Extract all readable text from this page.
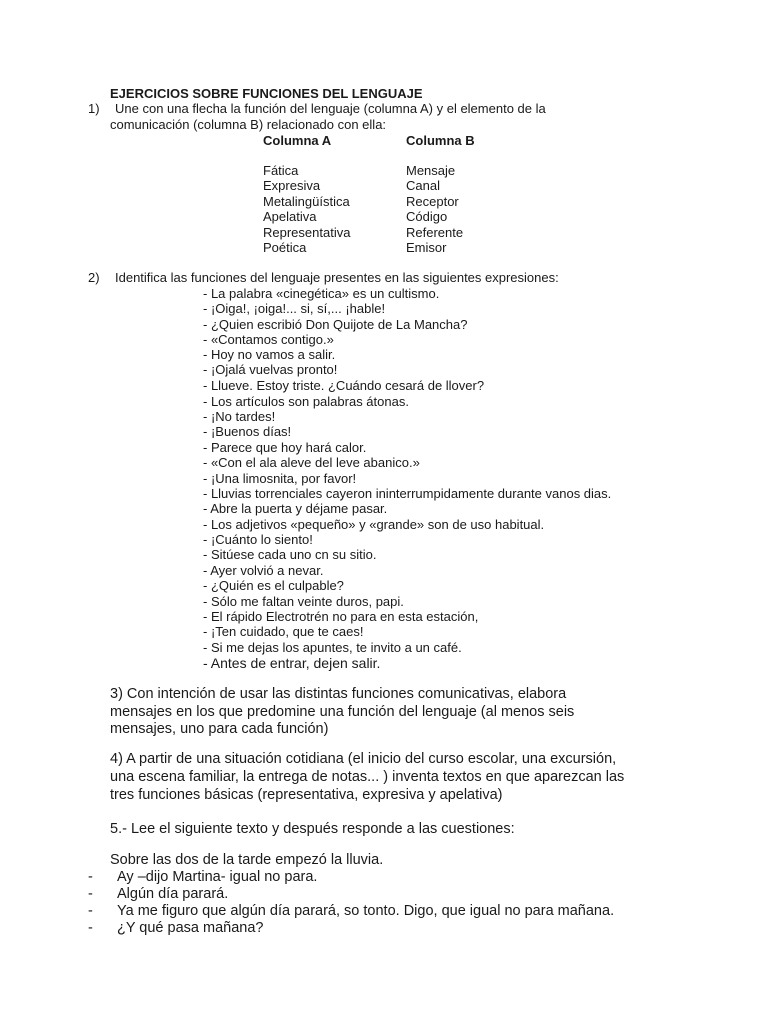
EJERCICIOS SOBRE FUNCIONES DEL LENGUAJE
1) Une con una flecha la función del lenguaje (columna A) y el elemento de la
comunicación (columna B) relacionado con ella:
Columna A	Columna B
Fática	Mensaje
Expresiva	Canal
Metalingüística	Receptor
Apelativa	Código
Representativa	Referente
Poética	Emisor
2) Identifica las funciones del lenguaje presentes en las siguientes expresiones:
- La palabra «cinegética» es un cultismo.
- ¡Oiga!, ¡oiga!... si, sí,... ¡hable!
- ¿Quien escribió Don Quijote de La Mancha?
- «Contamos contigo.»
- Hoy no vamos a salir.
- ¡Ojalá vuelvas pronto!
- Llueve. Estoy triste. ¿Cuándo cesará de llover?
- Los artículos son palabras átonas.
- ¡No tardes!
- ¡Buenos días!
- Parece que hoy hará calor.
- «Con el ala aleve del leve abanico.»
- ¡Una limosnita, por favor!
- Lluvias torrenciales cayeron ininterrumpidamente durante vanos dias.
- Abre la puerta y déjame pasar.
- Los adjetivos «pequeño» y «grande» son de uso habitual.
- ¡Cuánto lo siento!
- Sitúese cada uno cn su sitio.
- Ayer volvió a nevar.
- ¿Quién es el culpable?
- Sólo me faltan veinte duros, papi.
- El rápido Electrotrén no para en esta estación,
- ¡Ten cuidado, que te caes!
- Si me dejas los apuntes, te invito a un café.
- Antes de entrar, dejen salir.
3) Con intención de usar las distintas funciones comunicativas, elabora
mensajes en los que predomine una función del lenguaje (al menos seis
mensajes, uno para cada función)
4) A partir de una situación cotidiana (el inicio del curso escolar, una excursión,
una escena familiar, la entrega de notas... ) inventa textos en que aparezcan las
tres funciones básicas (representativa, expresiva y apelativa)
5.- Lee el siguiente texto y después responde a las cuestiones:
Sobre las dos de la tarde empezó la lluvia.
- Ay –dijo Martina- igual no para.
- Algún día parará.
- Ya me figuro que algún día parará, so tonto. Digo, que igual no para mañana.
- ¿Y qué pasa mañana?
